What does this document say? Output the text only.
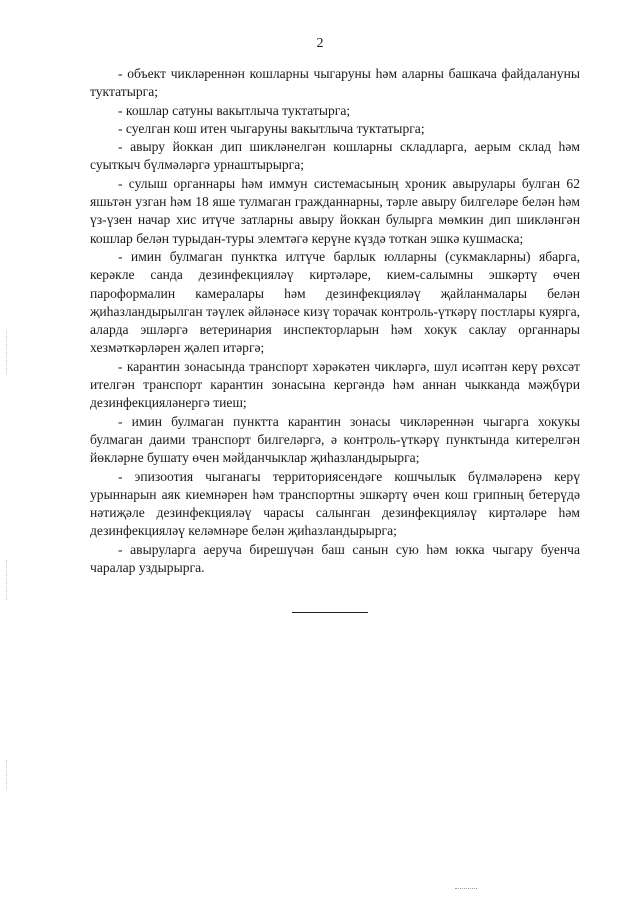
2

- объект чикләреннән кошларны чыгаруны һәм аларны башкача файдалануны туктатырга;

- кошлар сатуны вакытлыча туктатырга;

- суелган кош итен чыгаруны вакытлыча туктатырга;

- авыру йоккан дип шикләнелгән кошларны складларга, аерым склад һәм суыткыч бүлмәләргә урнаштырырга;

- сулыш органнары һәм иммун системасының хроник авырулары булган 62 яшьтән узган һәм 18 яше тулмаган гражданнарны, тәрле авыру билгеләре белән һәм үз-үзен начар хис итүче затларны авыру йоккан булырга мөмкин дип шикләнгән кошлар белән турыдан-туры элемтәгә керүне күздә тоткан эшкә кушмаска;

- имин булмаган пунктка илтүче барлык юлларны (сукмакларны) ябарга, керәкле санда дезинфекциялəү киртәләре, кием-салымны эшкәртү өчен пароформалин камералары һәм дезинфекциялəү җайланмалары белән җиһазландырылган тәүлек әйләнәсе кизү торачак контроль-үткәрү постлары куярга, аларда эшләргә ветеринария инспекторларын һәм хокук саклау органнары хезмәткәрләрен җәлеп итәргә;

- карантин зонасында транспорт хәрәкәтен чикләргә, шул исәптән керү рөхсәт ителгән транспорт карантин зонасына кергәндә һәм аннан чыкканда мәҗбүри дезинфекцияләнергә тиеш;

- имин булмаган пунктта карантин зонасы чикләреннән чыгарга хокукы булмаган даими транспорт билгеләргә, ә контроль-үткәрү пунктында китерелгән йөкләрне бушату өчен мәйданчыклар җиһазландырырга;

- эпизоотия чыганагы территориясендәге кошчылык бүлмәләренә керү урыннарын аяк киемнәрен һәм транспортны эшкәртү өчен кош грипның бетерүдә нәтиҗәле дезинфекциялəү чарасы салынган дезинфекциялəү киртәләре һәм дезинфекциялəү келәмнәре белән җиһазландырырга;

- авыруларга аеруча бирешүчән баш санын сую һәм юкка чыгару буенча чаралар уздырырга.
